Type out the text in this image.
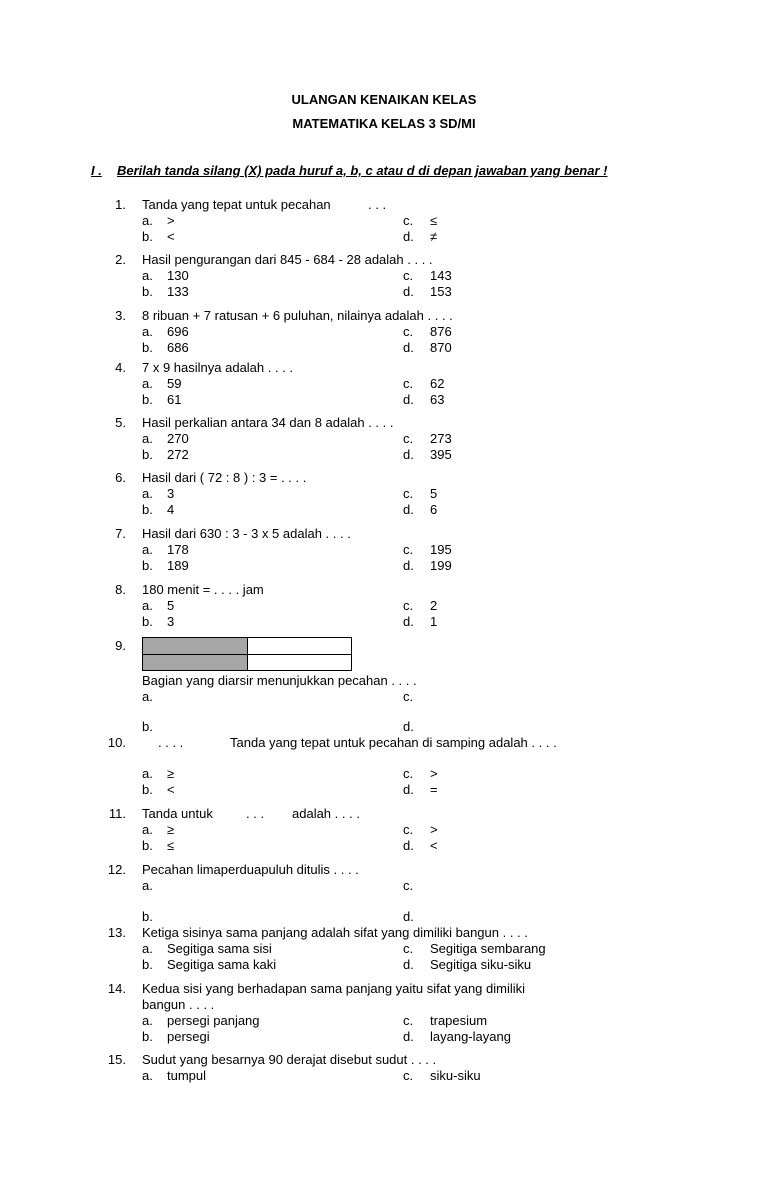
ULANGAN KENAIKAN KELAS
MATEMATIKA KELAS 3 SD/MI
I . Berilah tanda silang (X) pada huruf a, b, c atau d di depan jawaban yang benar !
1. Tanda yang tepat untuk pecahan	. . .
a. >
b. <
c. ≤
d. ≠
2. Hasil pengurangan dari 845 - 684 - 28 adalah . . . .
a. 130
b. 133
c. 143
d. 153
3. 8 ribuan + 7 ratusan + 6 puluhan, nilainya adalah . . . .
a. 696
b. 686
c. 876
d. 870
4. 7 x 9 hasilnya adalah . . . .
a. 59
b. 61
c. 62
d. 63
5. Hasil perkalian antara 34 dan 8 adalah . . . .
a. 270
b. 272
c. 273
d. 395
6. Hasil dari ( 72 : 8 ) : 3 = . . . .
a. 3
b. 4
c. 5
d. 6
7. Hasil dari 630 : 3 - 3 x 5 adalah . . . .
a. 178
b. 189
c. 195
d. 199
8. 180 menit = . . . . jam
a. 5
b. 3
c. 2
d. 1
9.
Bagian yang diarsir menunjukkan pecahan . . . .
a.
b.
c.
d.
10. . . . .	Tanda yang tepat untuk pecahan di samping adalah . . . .
a. ≥
b. <
c. >
d. =
11. Tanda untuk	. . . adalah . . . .
a. ≥
b. ≤
c. >
d. <
12. Pecahan limaperduapuluh ditulis . . . .
a.
b.
c.
d.
13. Ketiga sisinya sama panjang adalah sifat yang dimiliki bangun . . . .
a. Segitiga sama sisi
b. Segitiga sama kaki
c. Segitiga sembarang
d. Segitiga siku-siku
14. Kedua sisi yang berhadapan sama panjang yaitu sifat yang dimiliki
bangun . . . .
a. persegi panjang
b. persegi
c. trapesium
d. layang-layang
15. Sudut yang besarnya 90 derajat disebut sudut . . . .
a. tumpul	c. siku-siku
